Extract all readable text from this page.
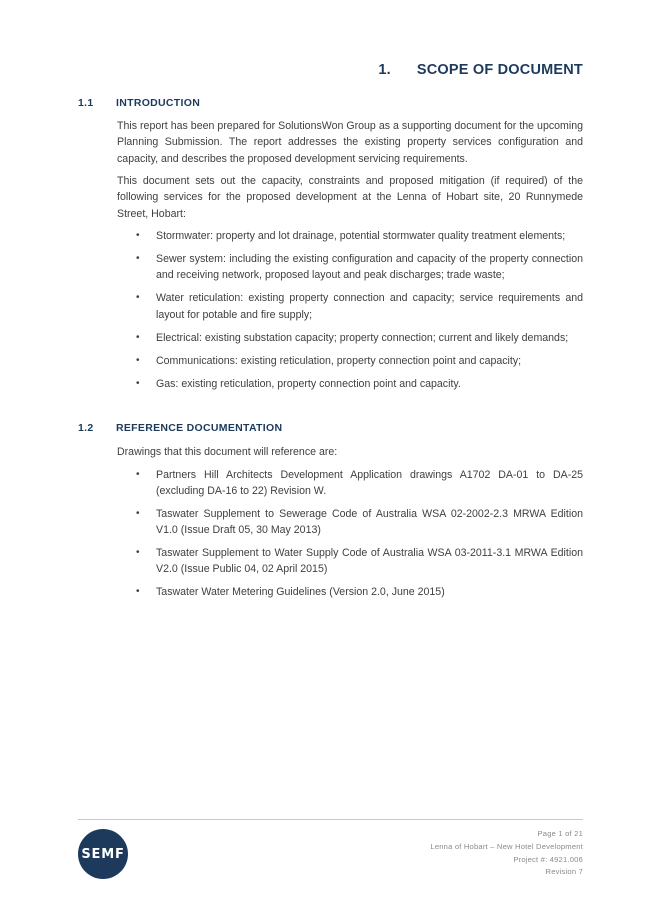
1. SCOPE OF DOCUMENT
1.1 INTRODUCTION

This report has been prepared for SolutionsWon Group as a supporting document for the upcoming Planning Submission. The report addresses the existing property services configuration and capacity, and describes the proposed development servicing requirements.

This document sets out the capacity, constraints and proposed mitigation (if required) of the following services for the proposed development at the Lenna of Hobart site, 20 Runnymede Street, Hobart:

• Stormwater: property and lot drainage, potential stormwater quality treatment elements;
• Sewer system: including the existing configuration and capacity of the property connection and receiving network, proposed layout and peak discharges; trade waste;
• Water reticulation: existing property connection and capacity; service requirements and layout for potable and fire supply;
• Electrical: existing substation capacity; property connection; current and likely demands;
• Communications: existing reticulation, property connection point and capacity;
• Gas: existing reticulation, property connection point and capacity.
1.2 REFERENCE DOCUMENTATION

Drawings that this document will reference are:

• Partners Hill Architects Development Application drawings A1702 DA-01 to DA-25 (excluding DA-16 to 22) Revision W.
• Taswater Supplement to Sewerage Code of Australia WSA 02-2002-2.3 MRWA Edition V1.0 (Issue Draft 05, 30 May 2013)
• Taswater Supplement to Water Supply Code of Australia WSA 03-2011-3.1 MRWA Edition V2.0 (Issue Public 04, 02 April 2015)
• Taswater Water Metering Guidelines (Version 2.0, June 2015)
SEMF
Page 1 of 21
Lenna of Hobart – New Hotel Development
Project #: 4921.006
Revision 7
